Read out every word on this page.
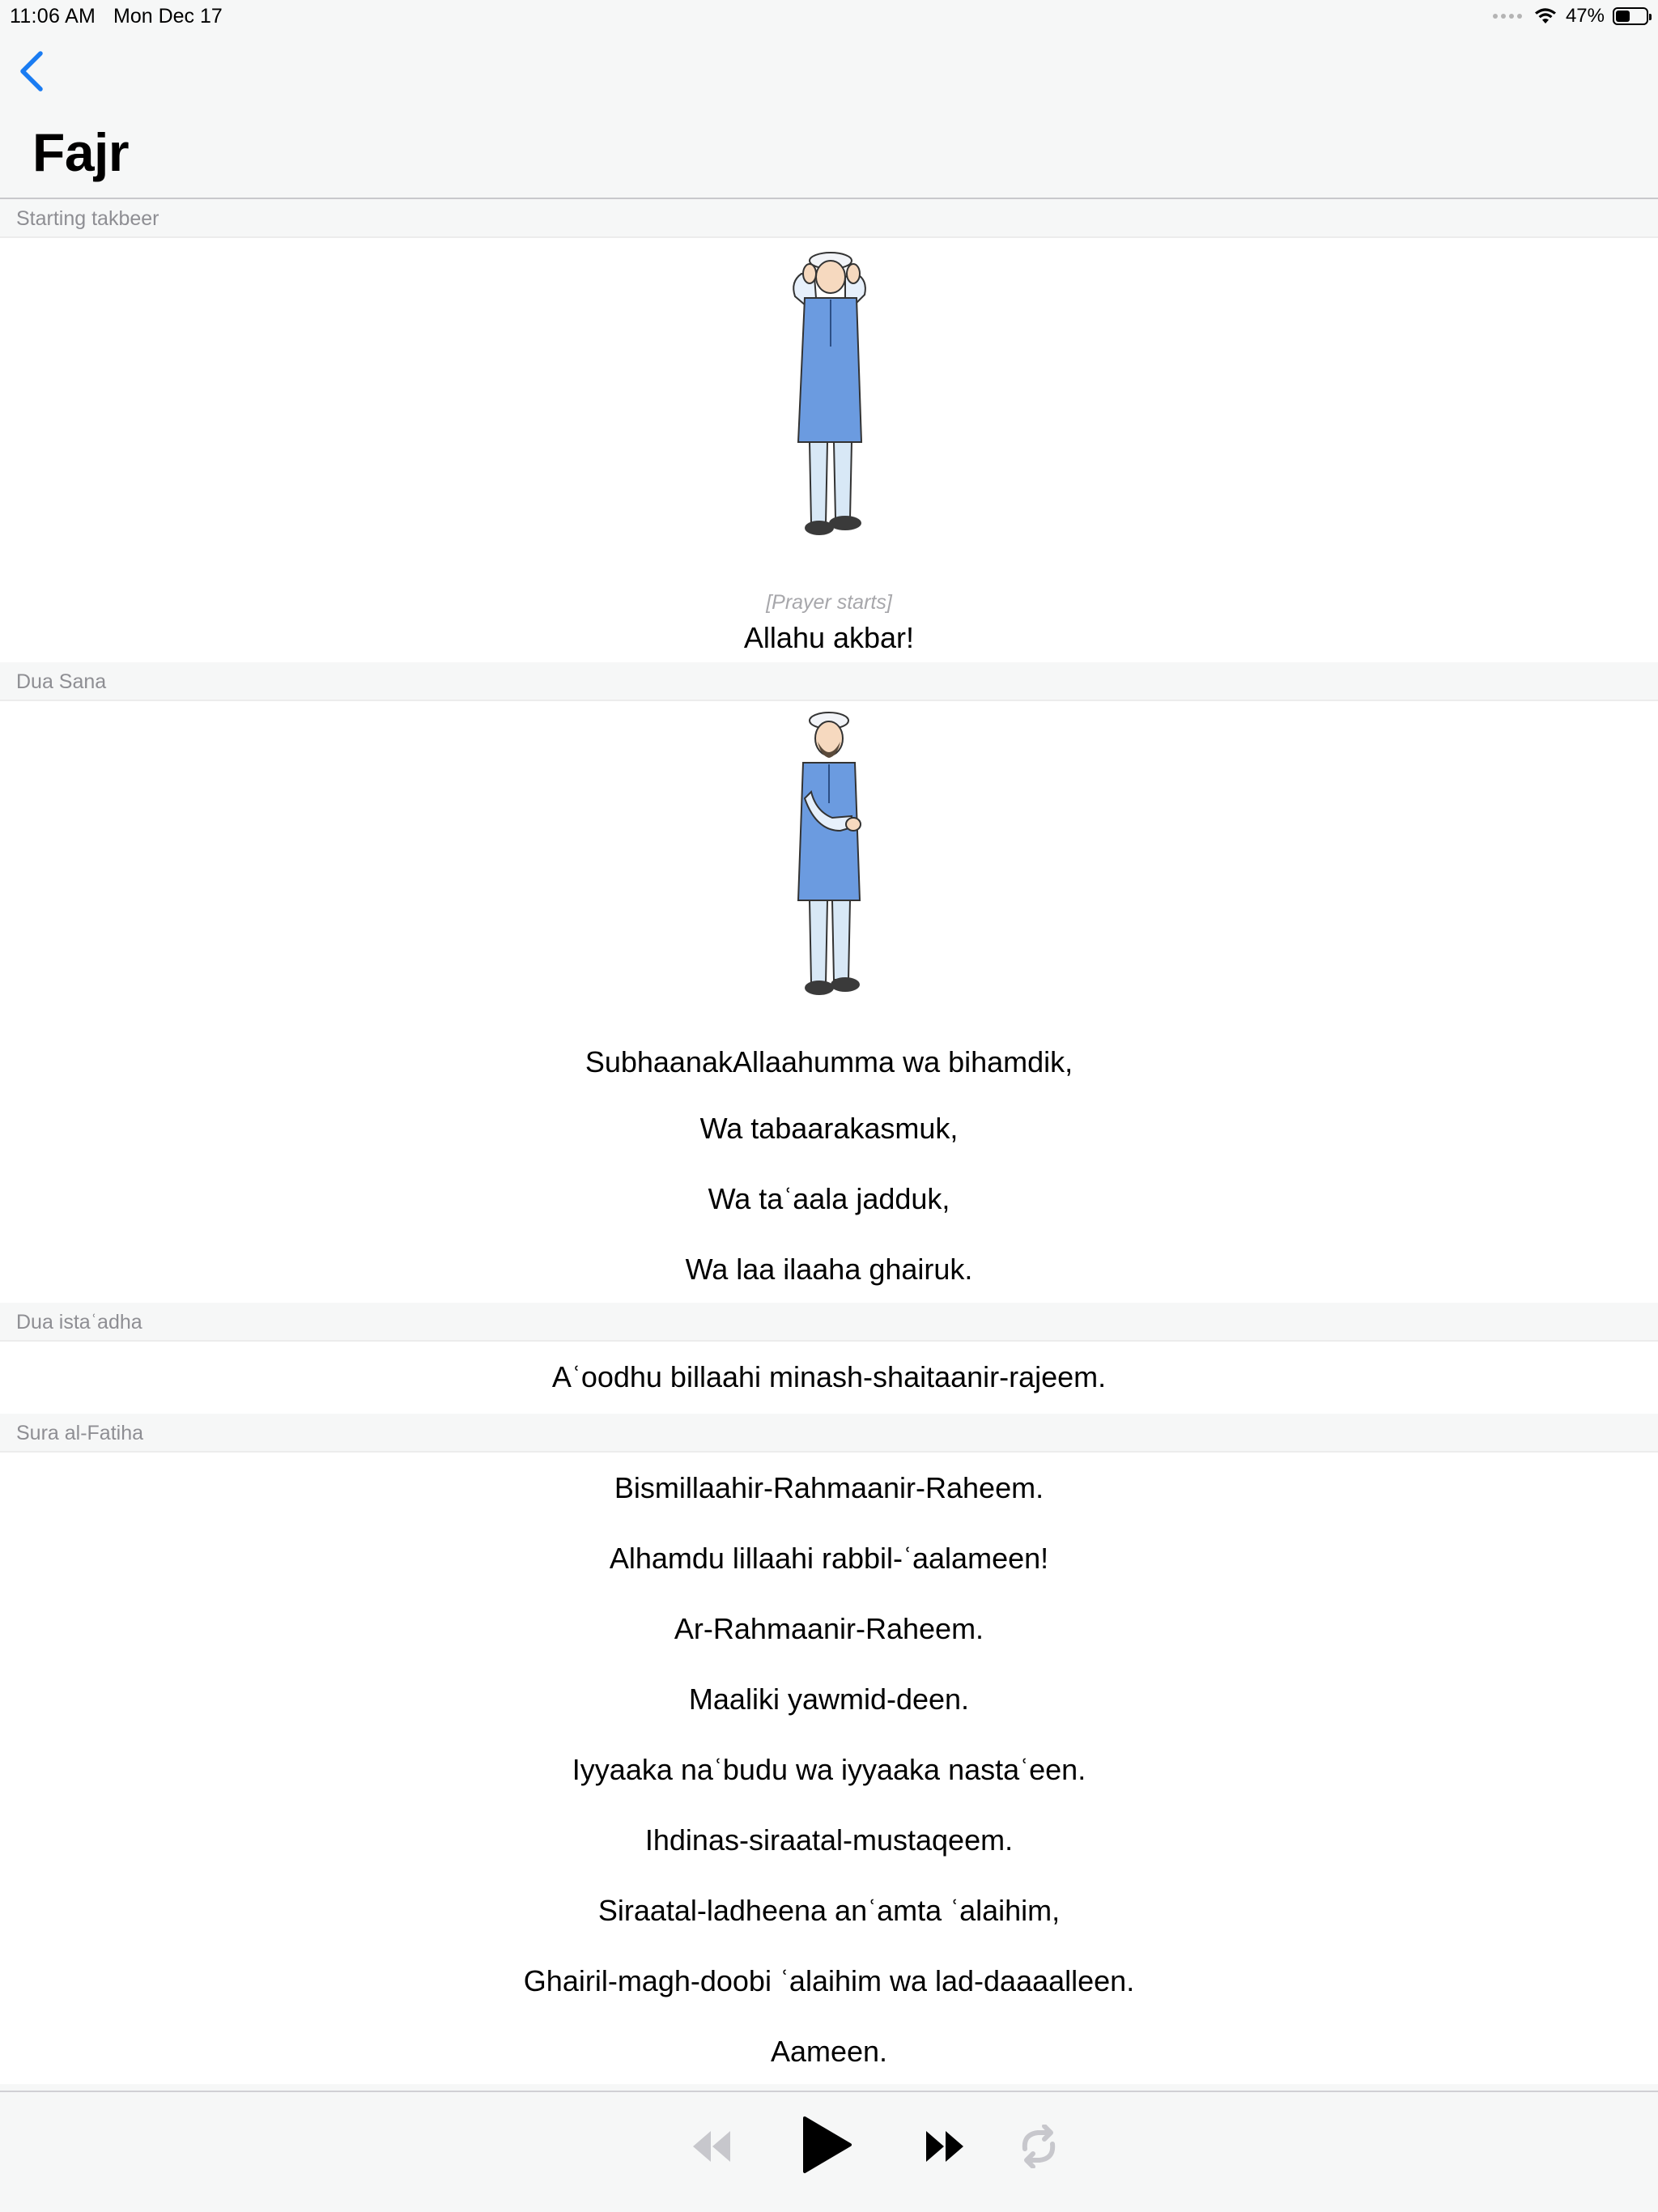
11:06 AM Mon Dec 17	47%
Fajr
Starting takbeer
[Prayer starts]
Allahu akbar!
Dua Sana
SubhaanakAllaahumma wa bihamdik,
Wa tabaarakasmuk,
Wa taʿaala jadduk,
Wa laa ilaaha ghairuk.
Dua istaʿadha
Aʿoodhu billaahi minash-shaitaanir-rajeem.
Sura al-Fatiha
Bismillaahir-Rahmaanir-Raheem.
Alhamdu lillaahi rabbil-ʿaalameen!
Ar-Rahmaanir-Raheem.
Maaliki yawmid-deen.
Iyyaaka naʿbudu wa iyyaaka nastaʿeen.
Ihdinas-siraatal-mustaqeem.
Siraatal-ladheena anʿamta ʿalaihim,
Ghairil-magh-doobi ʿalaihim wa lad-daaaalleen.
Aameen.
